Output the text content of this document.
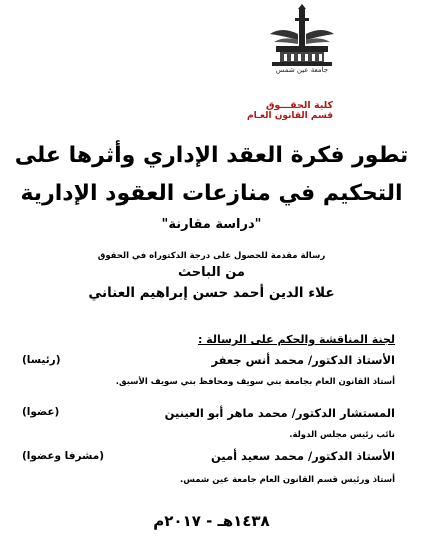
جامعة عين شمس
كلية الحقـــوق
قسم القانون العـام
تطور فكرة العقد الإداري وأثرها على
التحكيم في منازعات العقود الإدارية
"دراسة مقارنة"
رسالة مقدمة للحصول على درجة الدكتوراه في الحقوق
من الباحث
علاء الدين أحمد حسن إبراهيم العناني
لجنة المناقشة والحكم على الرسالة :
الأستاذ الدكتور/ محمد أنس جعفر
(رئيسا)
أستاذ القانون العام بجامعة بني سويف ومحافظ بني سويف الأسبق.
المستشار الدكتور/ محمد ماهر أبو العينين
(عضوا)
نائب رئيس مجلس الدولة.
الأستاذ الدكتور/ محمد سعيد أمين
(مشرفا وعضوا)
أستاذ ورئيس قسم القانون العام جامعة عين شمس.
١٤٣٨هـ - ٢٠١٧م
